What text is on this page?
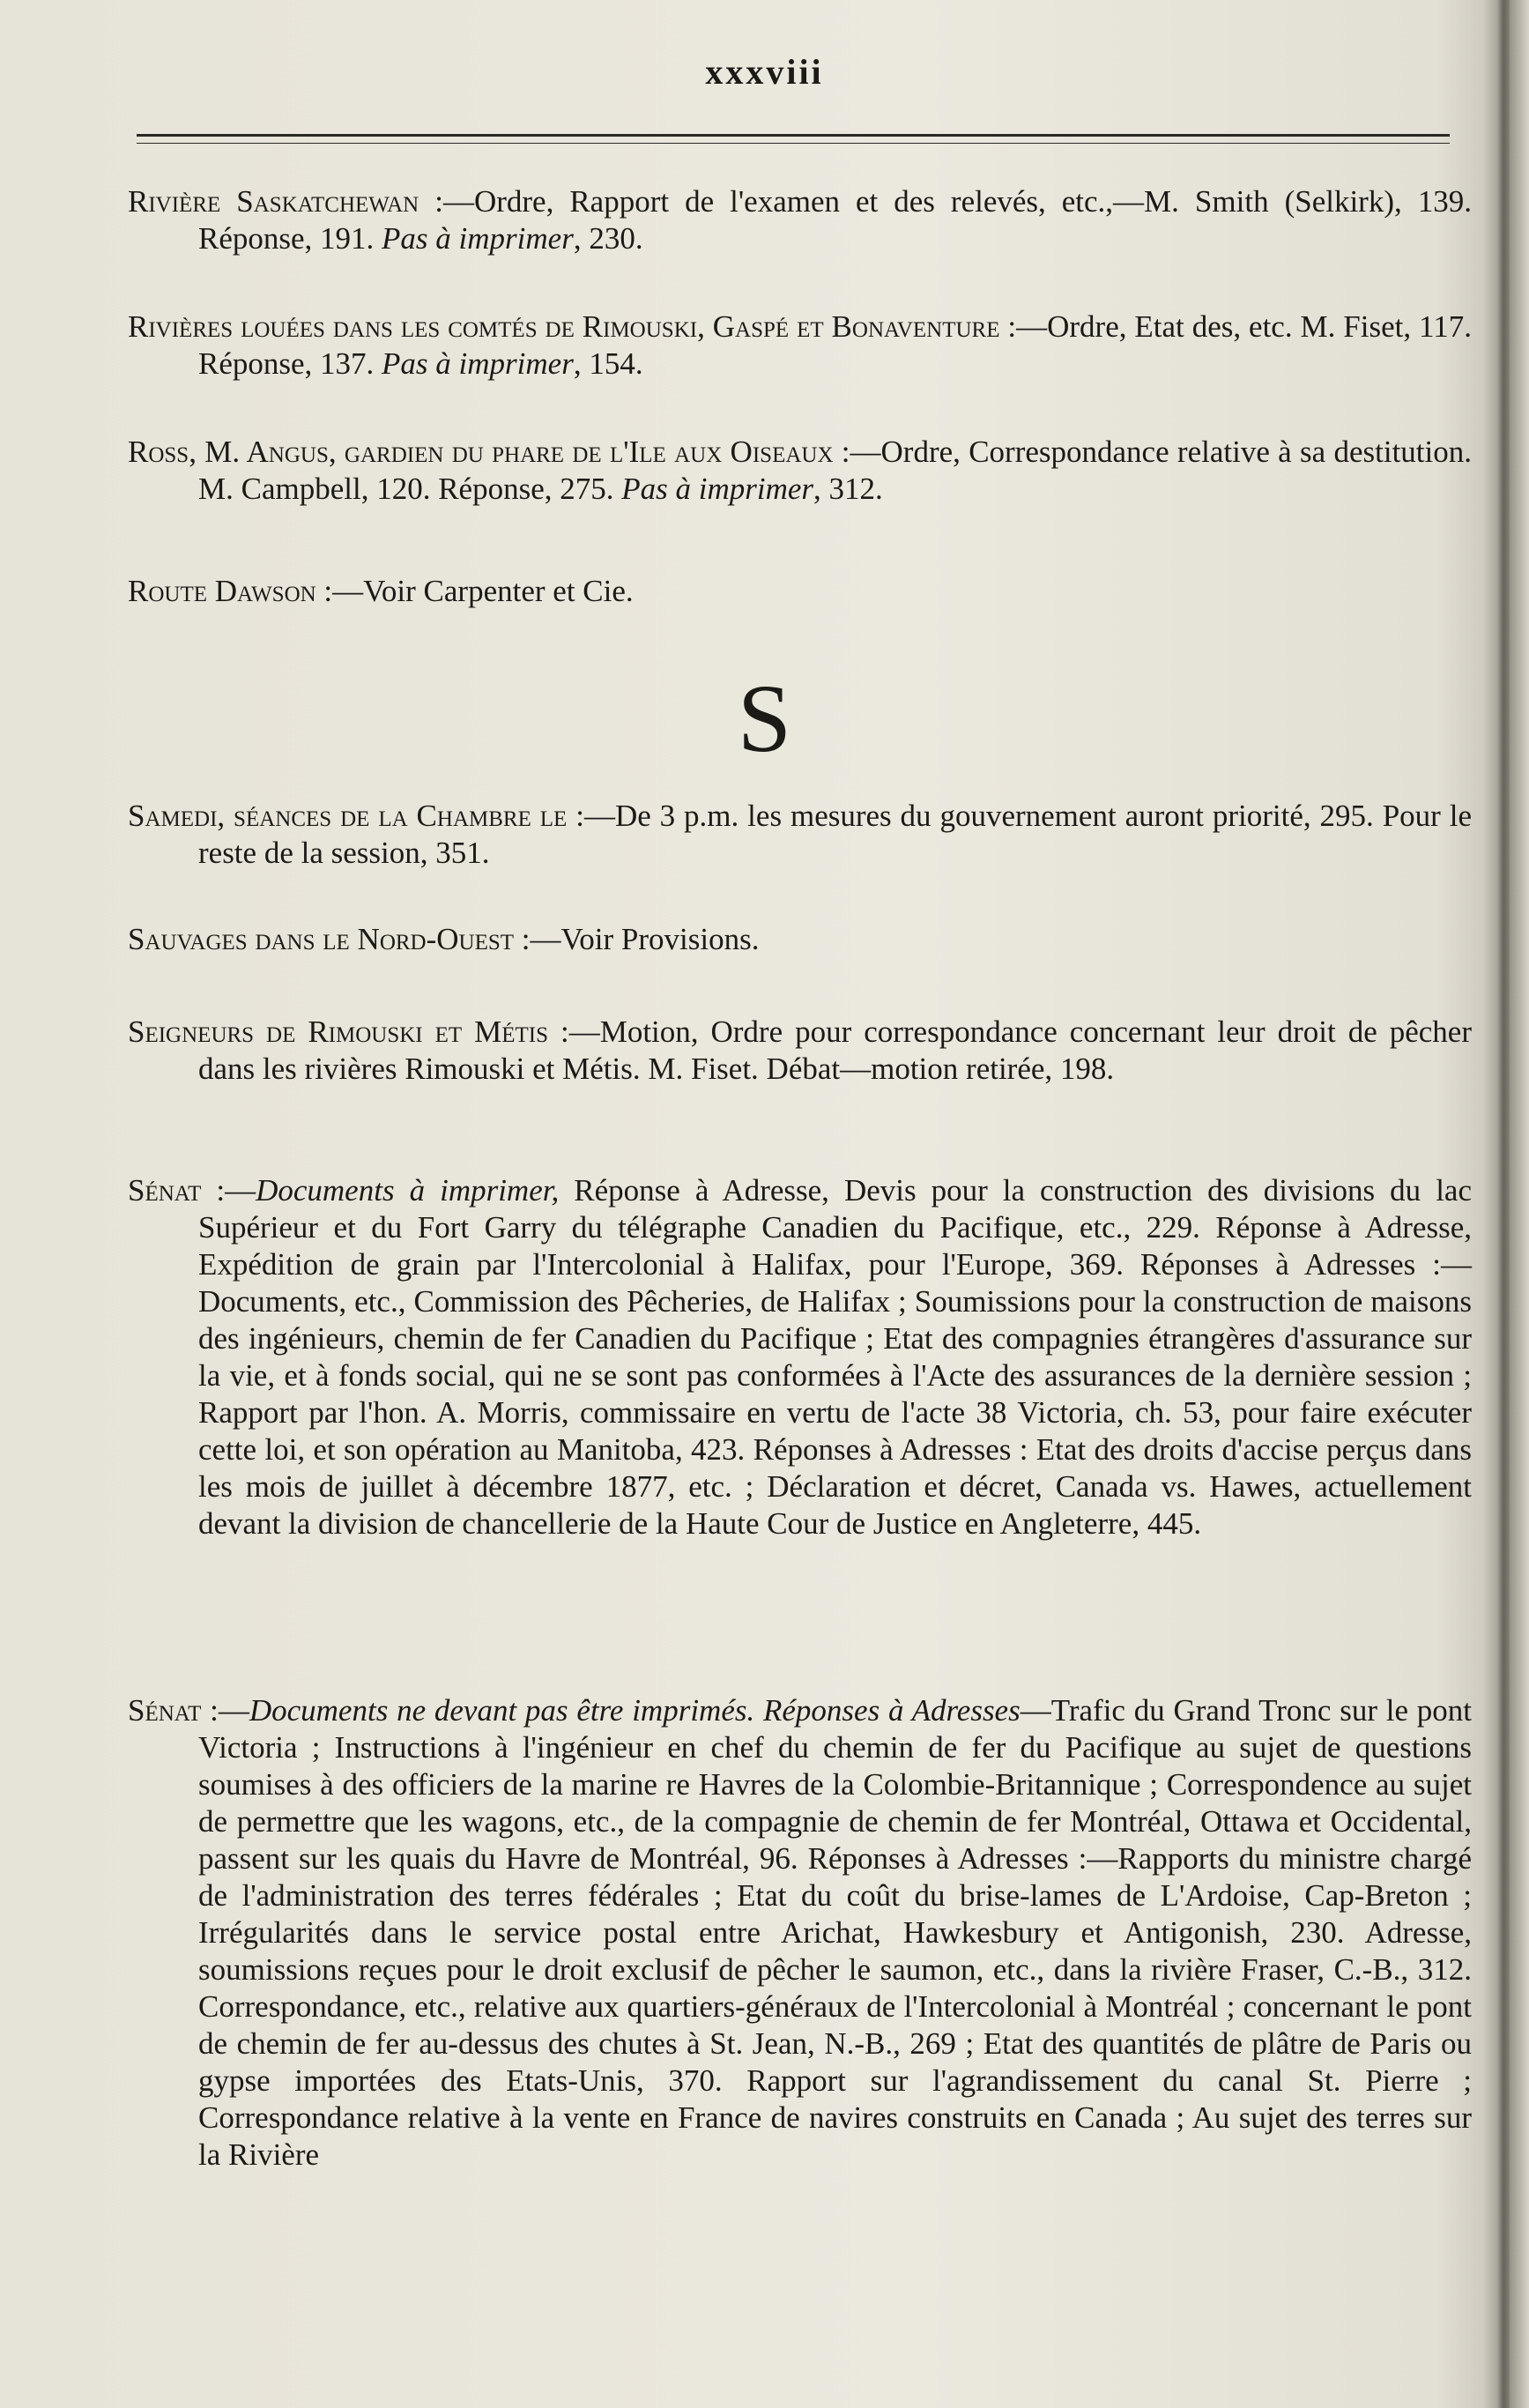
xxxviii

Rivière Saskatchewan :—Ordre, Rapport de l'examen et des relevés, etc.,—M. Smith (Selkirk), 139. Réponse, 191. Pas à imprimer, 230.

Rivières louées dans les comtés de Rimouski, Gaspé et Bonaventure :—Ordre, Etat des, etc. M. Fiset, 117. Réponse, 137. Pas à imprimer, 154.

Ross, M. Angus, gardien du phare de l'Ile aux Oiseaux :—Ordre, Correspondance relative à sa destitution. M. Campbell, 120. Réponse, 275. Pas à imprimer, 312.

Route Dawson :—Voir Carpenter et Cie.

S

Samedi, séances de la Chambre le :—De 3 p.m. les mesures du gouvernement auront priorité, 295. Pour le reste de la session, 351.

Sauvages dans le Nord-Ouest :—Voir Provisions.

Seigneurs de Rimouski et Métis :—Motion, Ordre pour correspondance concernant leur droit de pêcher dans les rivières Rimouski et Métis. M. Fiset. Débat—motion retirée, 198.

Sénat :—Documents à imprimer, Réponse à Adresse, Devis pour la construction des divisions du lac Supérieur et du Fort Garry du télégraphe Canadien du Pacifique, etc., 229. Réponse à Adresse, Expédition de grain par l'Intercolonial à Halifax, pour l'Europe, 369. Réponses à Adresses :—Documents, etc., Commission des Pêcheries, de Halifax ; Soumissions pour la construction de maisons des ingénieurs, chemin de fer Canadien du Pacifique ; Etat des compagnies étrangères d'assurance sur la vie, et à fonds social, qui ne se sont pas conformées à l'Acte des assurances de la dernière session ; Rapport par l'hon. A. Morris, commissaire en vertu de l'acte 38 Victoria, ch. 53, pour faire exécuter cette loi, et son opération au Manitoba, 423. Réponses à Adresses : Etat des droits d'accise perçus dans les mois de juillet à décembre 1877, etc. ; Déclaration et décret, Canada vs. Hawes, actuellement devant la division de chancellerie de la Haute Cour de Justice en Angleterre, 445.

Sénat :—Documents ne devant pas être imprimés. Réponses à Adresses—Trafic du Grand Tronc sur le pont Victoria ; Instructions à l'ingénieur en chef du chemin de fer du Pacifique au sujet de questions soumises à des officiers de la marine re Havres de la Colombie-Britannique ; Correspondence au sujet de permettre que les wagons, etc., de la compagnie de chemin de fer Montréal, Ottawa et Occidental, passent sur les quais du Havre de Montréal, 96. Réponses à Adresses :—Rapports du ministre chargé de l'administration des terres fédérales ; Etat du coût du brise-lames de L'Ardoise, Cap-Breton ; Irrégularités dans le service postal entre Arichat, Hawkesbury et Antigonish, 230. Adresse, soumissions reçues pour le droit exclusif de pêcher le saumon, etc., dans la rivière Fraser, C.-B., 312. Correspondance, etc., relative aux quartiers-généraux de l'Intercolonial à Montréal ; concernant le pont de chemin de fer au-dessus des chutes à St. Jean, N.-B., 269 ; Etat des quantités de plâtre de Paris ou gypse importées des Etats-Unis, 370. Rapport sur l'agrandissement du canal St. Pierre ; Correspondance relative à la vente en France de navires construits en Canada ; Au sujet des terres sur la Rivière
